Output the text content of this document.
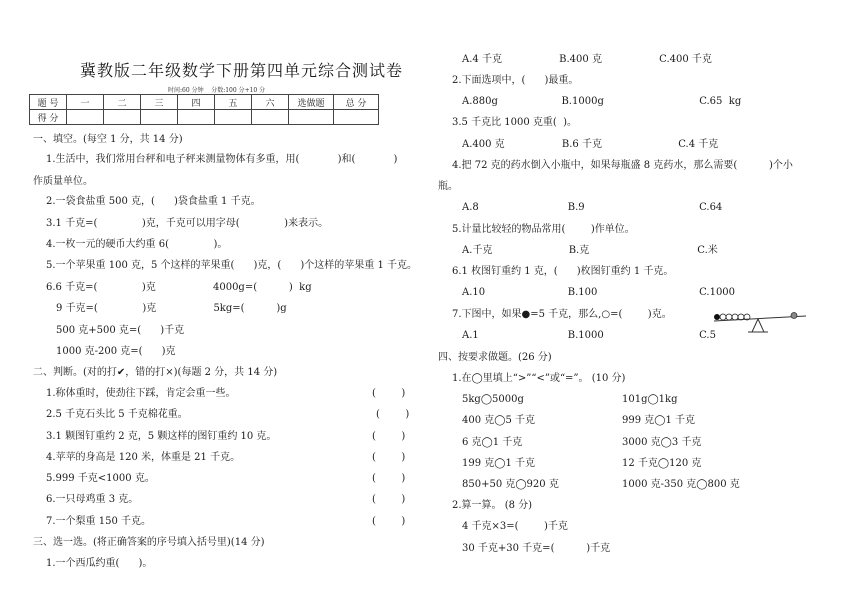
冀教版二年级数学下册第四单元综合测试卷
时间:60 分钟    分数:100 分+10 分
题 号	一	二	三	四	五	六	选做题	总 分
得 分								
一、填空。(每空 1 分，共 14 分)
1.生活中，我们常用台秤和电子秤来测量物体有多重，用(            )和(            )
作质量单位。
2.一袋食盐重 500 克，(      )袋食盐重 1 千克。
3.1 千克=(              )克，千克可以用字母(              )来表示。
4.一枚一元的硬币大约重 6(              )。
5.一个苹果重 100 克，5 个这样的苹果重(      )克，(      )个这样的苹果重 1 千克。
6.6 千克=(              )克                  4000g=(          )  kg
9 千克=(              )克                  5kg=(          )g
500 克+500 克=(      )千克
1000 克-200 克=(      )克
二、判断。(对的打✔，错的打×)(每题 2 分，共 14 分)
1.称体重时，使劲往下踩，肯定会重一些。	(        )
2.5 千克石头比 5 千克棉花重。	(        )
3.1 颗图钉重约 2 克，5 颗这样的图钉重约 10 克。	(        )
4.苹苹的身高是 120 米，体重是 21 千克。	(        )
5.999 千克<1000 克。	(        )
6.一只母鸡重 3 克。	(        )
7.一个梨重 150 千克。	(        )
三、选一选。(将正确答案的序号填入括号里)(14 分)
1.一个西瓜约重(      )。
A.4 千克                  B.400 克                  C.400 千克
2.下面选项中，(      )最重。
A.880g                    B.1000g                              C.65  kg
3.5 千克比 1000 克重(  )。
A.400 克                  B.6 千克                        C.4 千克
4.把 72 克的药水倒入小瓶中，如果每瓶盛 8 克药水，那么需要(          )个小
瓶。
A.8                            B.9                                    C.64
5.计量比较轻的物品常用(        )作单位。
A.千克                        B.克                                  C.米
6.1 枚图钉重约 1 克，(      )枚图钉重约 1 千克。
A.10                          B.100                                C.1000
7.下图中，如果●=5 千克，那么,○=(        )克。
A.1                            B.1000                              C.5
四、按要求做题。(26 分)
1.在◯里填上“>”“<”或“=”。 (10 分)
5kg◯5000g	101g◯1kg
400 克◯5 千克	999 克◯1 千克
6 克◯1 千克	3000 克◯3 千克
199 克◯1 千克	12 千克◯120 克
850+50 克◯920 克	1000 克-350 克◯800 克
2.算一算。 (8 分)
4 千克×3=(        )千克
30 千克+30 千克=(          )千克
